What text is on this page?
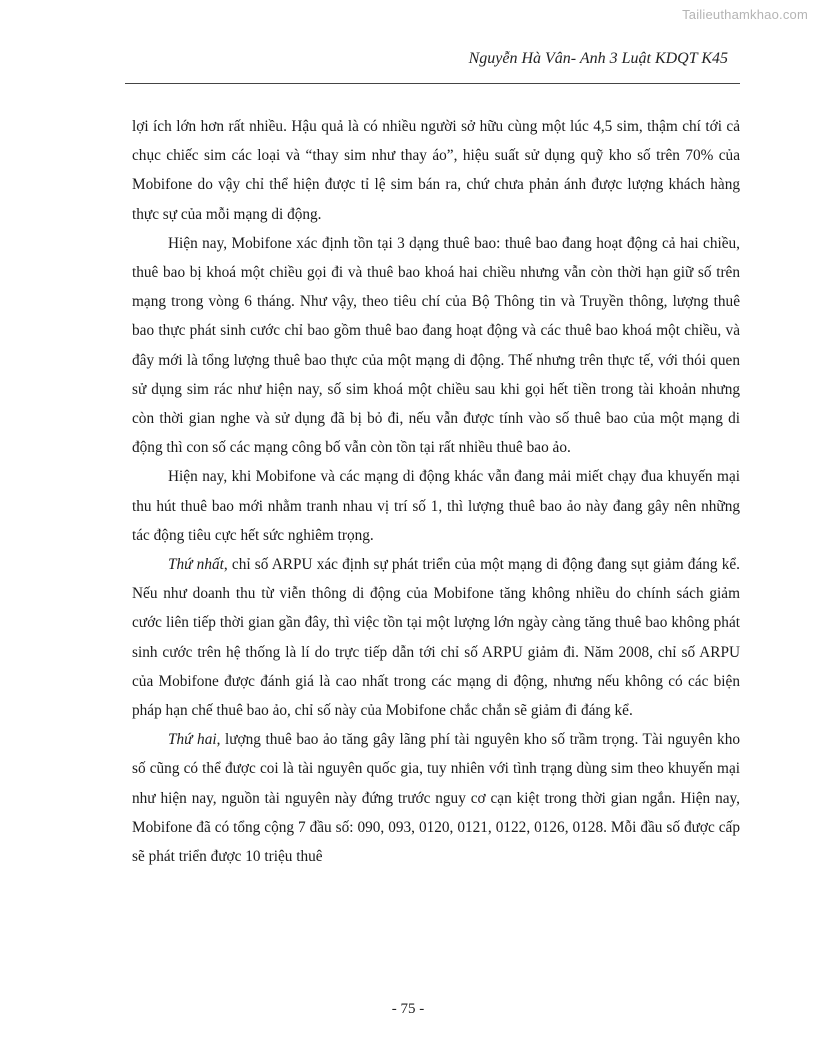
Tailieuthamkhao.com
Nguyễn Hà Vân- Anh 3 Luật KDQT K45

lợi ích lớn hơn rất nhiều. Hậu quả là có nhiều người sở hữu cùng một lúc 4,5 sim, thậm chí tới cả chục chiếc sim các loại và “thay sim như thay áo”, hiệu suất sử dụng quỹ kho số trên 70% của Mobifone do vậy chỉ thể hiện được tỉ lệ sim bán ra, chứ chưa phản ánh được lượng khách hàng thực sự của mỗi mạng di động.

Hiện nay, Mobifone xác định tồn tại 3 dạng thuê bao: thuê bao đang hoạt động cả hai chiều, thuê bao bị khoá một chiều gọi đi và thuê bao khoá hai chiều nhưng vẫn còn thời hạn giữ số trên mạng trong vòng 6 tháng. Như vậy, theo tiêu chí của Bộ Thông tin và Truyền thông, lượng thuê bao thực phát sinh cước chỉ bao gồm thuê bao đang hoạt động và các thuê bao khoá một chiều, và đây mới là tổng lượng thuê bao thực của một mạng di động. Thế nhưng trên thực tế, với thói quen sử dụng sim rác như hiện nay, số sim khoá một chiều sau khi gọi hết tiền trong tài khoản nhưng còn thời gian nghe và sử dụng đã bị bỏ đi, nếu vẫn được tính vào số thuê bao của một mạng di động thì con số các mạng công bố vẫn còn tồn tại rất nhiều thuê bao ảo.

Hiện nay, khi Mobifone và các mạng di động khác vẫn đang mải miết chạy đua khuyến mại thu hút thuê bao mới nhằm tranh nhau vị trí số 1, thì lượng thuê bao ảo này đang gây nên những tác động tiêu cực hết sức nghiêm trọng.

Thứ nhất, chỉ số ARPU xác định sự phát triển của một mạng di động đang sụt giảm đáng kể. Nếu như doanh thu từ viễn thông di động của Mobifone tăng không nhiều do chính sách giảm cước liên tiếp thời gian gần đây, thì việc tồn tại một lượng lớn ngày càng tăng thuê bao không phát sinh cước trên hệ thống là lí do trực tiếp dẫn tới chỉ số ARPU giảm đi. Năm 2008, chỉ số ARPU của Mobifone được đánh giá là cao nhất trong các mạng di động, nhưng nếu không có các biện pháp hạn chế thuê bao ảo, chỉ số này của Mobifone chắc chắn sẽ giảm đi đáng kể.

Thứ hai, lượng thuê bao ảo tăng gây lãng phí tài nguyên kho số trầm trọng. Tài nguyên kho số cũng có thể được coi là tài nguyên quốc gia, tuy nhiên với tình trạng dùng sim theo khuyến mại như hiện nay, nguồn tài nguyên này đứng trước nguy cơ cạn kiệt trong thời gian ngắn. Hiện nay, Mobifone đã có tổng cộng 7 đầu số: 090, 093, 0120, 0121, 0122, 0126, 0128. Mỗi đầu số được cấp sẽ phát triển được 10 triệu thuê

- 75 -
